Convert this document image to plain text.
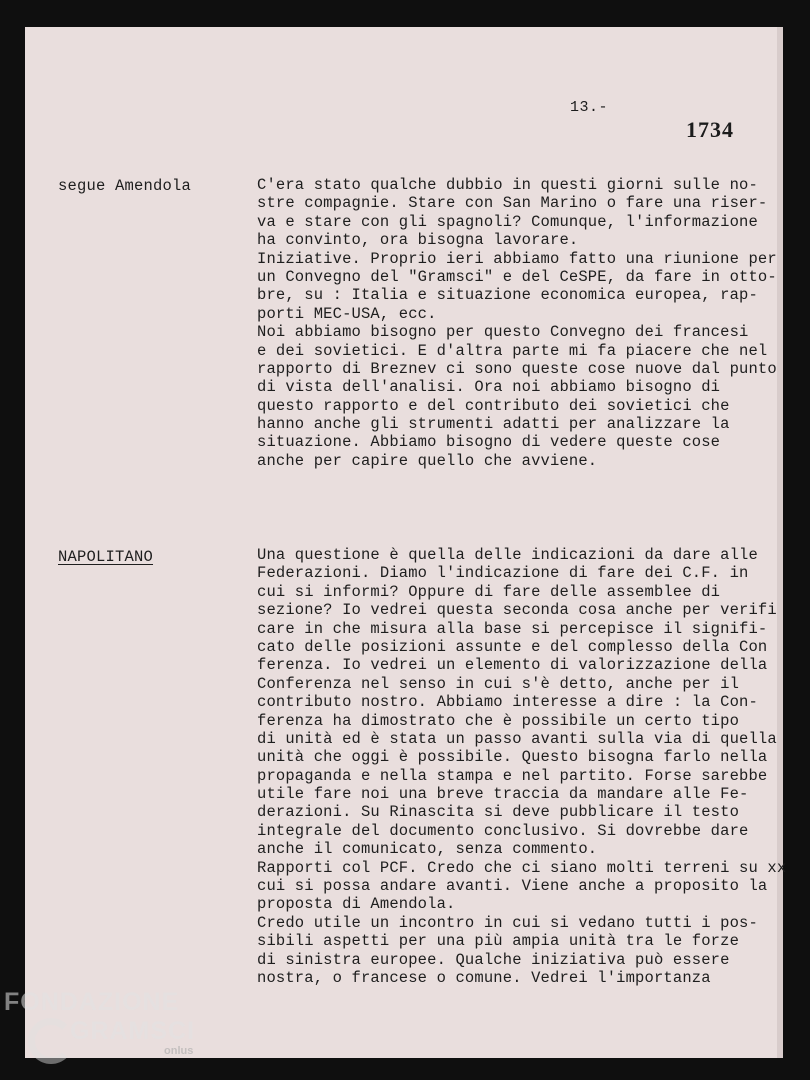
13.-
1734
segue Amendola	C'era stato qualche dubbio in questi giorni sulle no-
stre compagnie. Stare con San Marino o fare una riser-
va e stare con gli spagnoli? Comunque, l'informazione
ha convinto, ora bisogna lavorare.
Iniziative. Proprio ieri abbiamo fatto una riunione per
un Convegno del "Gramsci" e del CeSPE, da fare in otto-
bre, su : Italia e situazione economica europea, rap-
porti MEC-USA, ecc.
Noi abbiamo bisogno per questo Convegno dei francesi
e dei sovietici. E d'altra parte mi fa piacere che nel
rapporto di Breznev ci sono queste cose nuove dal punto
di vista dell'analisi. Ora noi abbiamo bisogno di
questo rapporto e del contributo dei sovietici che
hanno anche gli strumenti adatti per analizzare la
situazione. Abbiamo bisogno di vedere queste cose
anche per capire quello che avviene.
NAPOLITANO	Una questione è quella delle indicazioni da dare alle
Federazioni. Diamo l'indicazione di fare dei C.F. in
cui si informi? Oppure di fare delle assemblee di
sezione? Io vedrei questa seconda cosa anche per verifi
care in che misura alla base si percepisce il signifi-
cato delle posizioni assunte e del complesso della Con
ferenza. Io vedrei un elemento di valorizzazione della
Conferenza nel senso in cui s'è detto, anche per il
contributo nostro. Abbiamo interesse a dire : la Con-
ferenza ha dimostrato che è possibile un certo tipo
di unità ed è stata un passo avanti sulla via di quella
unità che oggi è possibile. Questo bisogna farlo nella
propaganda e nella stampa e nel partito. Forse sarebbe
utile fare noi una breve traccia da mandare alle Fe-
derazioni. Su Rinascita si deve pubblicare il testo
integrale del documento conclusivo. Si dovrebbe dare
anche il comunicato, senza commento.
Rapporti col PCF. Credo che ci siano molti terreni su xx
cui si possa andare avanti. Viene anche a proposito la
proposta di Amendola.
Credo utile un incontro in cui si vedano tutti i pos-
sibili aspetti per una più ampia unità tra le forze
di sinistra europee. Qualche iniziativa può essere
nostra, o francese o comune. Vedrei l'importanza
FONDAZIONE
GRAMSCI
onlus
